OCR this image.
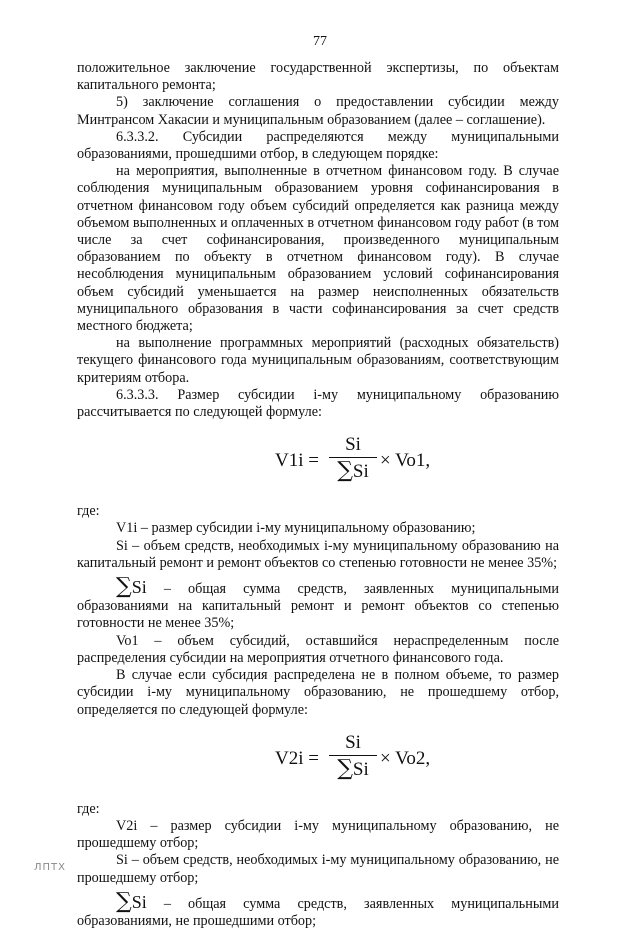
77

положительное заключение государственной экспертизы, по объектам капитального ремонта;

5) заключение соглашения о предоставлении субсидии между Минтрансом Хакасии и муниципальным образованием (далее – соглашение).

6.3.3.2. Субсидии распределяются между муниципальными образованиями, прошедшими отбор, в следующем порядке:

на мероприятия, выполненные в отчетном финансовом году. В случае соблюдения муниципальным образованием уровня софинансирования в отчетном финансовом году объем субсидий определяется как разница между объемом выполненных и оплаченных в отчетном финансовом году работ (в том числе за счет софинансирования, произведенного муниципальным образованием по объекту в отчетном финансовом году). В случае несоблюдения муниципальным образованием условий софинансирования объем субсидий уменьшается на размер неисполненных обязательств муниципального образования в части софинансирования за счет средств местного бюджета;

на выполнение программных мероприятий (расходных обязательств) текущего финансового года муниципальным образованиям, соответствующим критериям отбора.

6.3.3.3. Размер субсидии i-му муниципальному образованию рассчитывается по следующей формуле:

V1i =
Si
∑Si
× Vo1,

где:

V1i – размер субсидии i-му муниципальному образованию;

Si – объем средств, необходимых i-му муниципальному образованию на капитальный ремонт и ремонт объектов со степенью готовности не менее 35%;

∑Si – общая сумма средств, заявленных муниципальными

образованиями на капитальный ремонт и ремонт объектов со степенью готовности не менее 35%;

Vo1 – объем субсидий, оставшийся нераспределенным после распределения субсидии на мероприятия отчетного финансового года.

В случае если субсидия распределена не в полном объеме, то размер субсидии i-му муниципальному образованию, не прошедшему отбор, определяется по следующей формуле:

V2i =
Si
∑Si
× Vo2,

где:

V2i – размер субсидии i-му муниципальному образованию, не прошедшему отбор;

Si – объем средств, необходимых i-му муниципальному образованию, не прошедшему отбор;

∑Si – общая сумма средств, заявленных муниципальными

образованиями, не прошедшими отбор;

ЛПТХ
